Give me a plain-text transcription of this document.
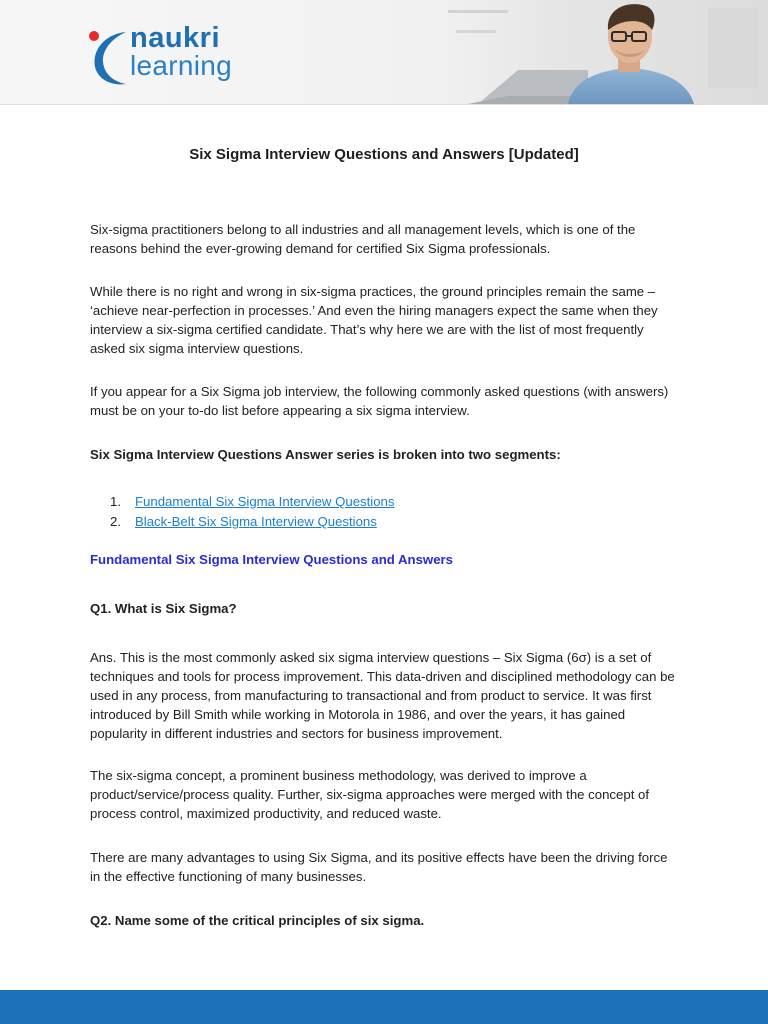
naukri
learning
Six Sigma Interview Questions and Answers [Updated]

Six-sigma practitioners belong to all industries and all management levels, which is one of the reasons behind the ever-growing demand for certified Six Sigma professionals.

While there is no right and wrong in six-sigma practices, the ground principles remain the same – ‘achieve near-perfection in processes.’ And even the hiring managers expect the same when they interview a six-sigma certified candidate. That’s why here we are with the list of most frequently asked six sigma interview questions.

If you appear for a Six Sigma job interview, the following commonly asked questions (with answers) must be on your to-do list before appearing a six sigma interview.

Six Sigma Interview Questions Answer series is broken into two segments:

1. Fundamental Six Sigma Interview Questions
2. Black-Belt Six Sigma Interview Questions

Fundamental Six Sigma Interview Questions and Answers

Q1. What is Six Sigma?

Ans. This is the most commonly asked six sigma interview questions – Six Sigma (6σ) is a set of techniques and tools for process improvement. This data-driven and disciplined methodology can be used in any process, from manufacturing to transactional and from product to service. It was first introduced by Bill Smith while working in Motorola in 1986, and over the years, it has gained popularity in different industries and sectors for business improvement.

The six-sigma concept, a prominent business methodology, was derived to improve a product/service/process quality. Further, six-sigma approaches were merged with the concept of process control, maximized productivity, and reduced waste.

There are many advantages to using Six Sigma, and its positive effects have been the driving force in the effective functioning of many businesses.

Q2. Name some of the critical principles of six sigma.
